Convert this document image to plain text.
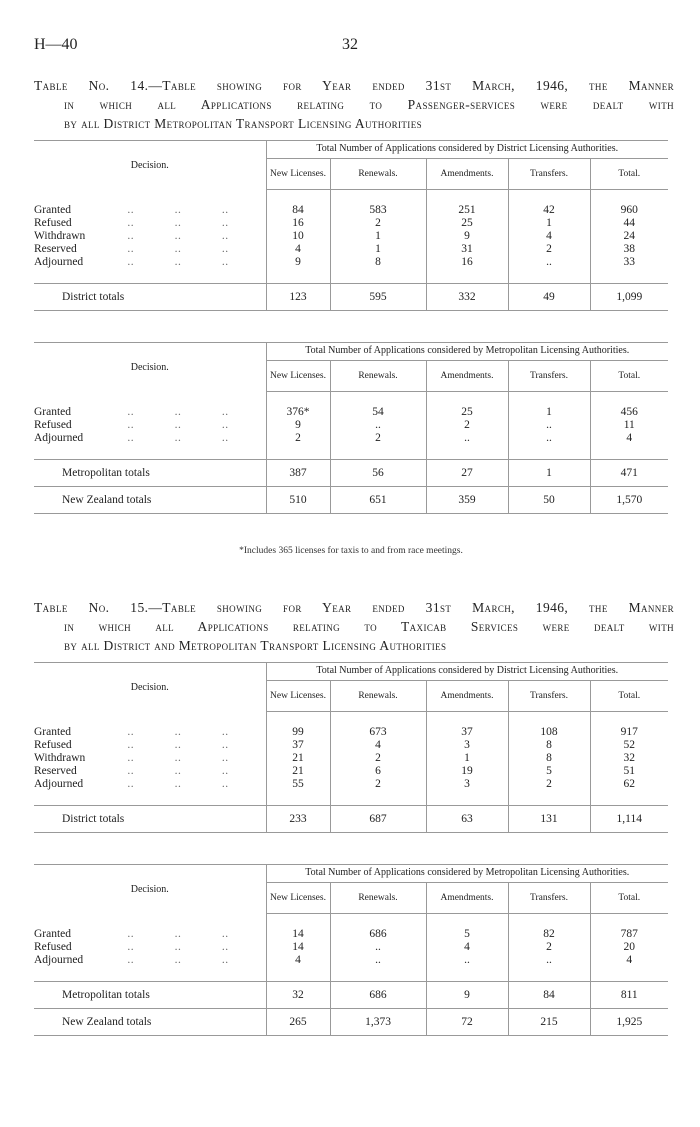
H—40	32
Table No. 14.—Table showing for Year ended 31st March, 1946, the Manner
in which all Applications relating to Passenger-services were dealt with
by all District Metropolitan Transport Licensing Authorities

Decision.	Total Number of Applications considered by District Licensing Authorities.				
	New Licenses.	Renewals.	Amendments.	Transfers.	Total.

Granted ..            ..            ..	84	583	251	42	960
Refused ..            ..            ..	16	2	25	1	44
Withdrawn ..            ..            ..	10	1	9	4	24
Reserved ..            ..            ..	4	1	31	2	38
Adjourned ..            ..            ..	9	8	16	..	33

District totals	123	595	332	49	1,099

Decision.	Total Number of Applications considered by Metropolitan Licensing Authorities.				
	New Licenses.	Renewals.	Amendments.	Transfers.	Total.

Granted ..            ..            ..	376*	54	25	1	456
Refused ..            ..            ..	9	..	2	..	11
Adjourned ..            ..            ..	2	2	..	..	4

Metropolitan totals	387	56	27	1	471
New Zealand totals	510	651	359	50	1,570

*Includes 365 licenses for taxis to and from race meetings.
Table No. 15.—Table showing for Year ended 31st March, 1946, the Manner
in which all Applications relating to Taxicab Services were dealt with
by all District and Metropolitan Transport Licensing Authorities

Decision.	Total Number of Applications considered by District Licensing Authorities.				
	New Licenses.	Renewals.	Amendments.	Transfers.	Total.

Granted ..            ..            ..	99	673	37	108	917
Refused ..            ..            ..	37	4	3	8	52
Withdrawn ..            ..            ..	21	2	1	8	32
Reserved ..            ..            ..	21	6	19	5	51
Adjourned ..            ..            ..	55	2	3	2	62

District totals	233	687	63	131	1,114

Decision.	Total Number of Applications considered by Metropolitan Licensing Authorities.				
	New Licenses.	Renewals.	Amendments.	Transfers.	Total.

Granted ..            ..            ..	14	686	5	82	787
Refused ..            ..            ..	14	..	4	2	20
Adjourned ..            ..            ..	4	..	..	..	4

Metropolitan totals	32	686	9	84	811
New Zealand totals	265	1,373	72	215	1,925
